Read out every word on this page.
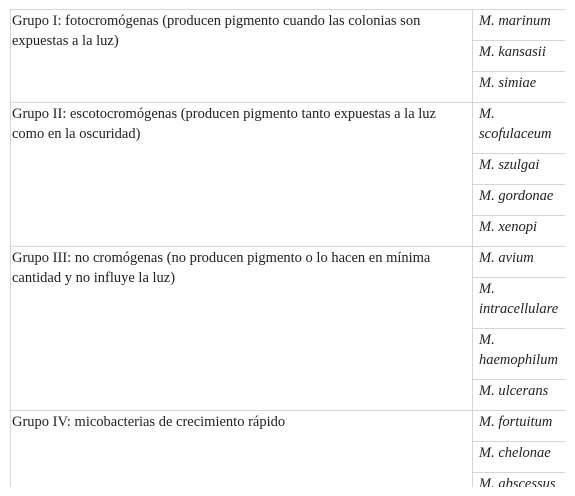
Grupo I: fotocromógenas (producen pigmento cuando las colonias son expuestas a la luz)	M. marinum
	M. kansasii
	M. simiae
Grupo II: escotocromógenas (producen pigmento tanto expuestas a la luz como en la oscuridad)	M. scofulaceum
	M. szulgai
	M. gordonae
	M. xenopi
Grupo III: no cromógenas (no producen pigmento o lo hacen en mínima cantidad y no influye la luz)	M. avium
	M. intracellulare
	M. haemophilum
	M. ulcerans
Grupo IV: micobacterias de crecimiento rápido	M. fortuitum
	M. chelonae
	M. abscessus
